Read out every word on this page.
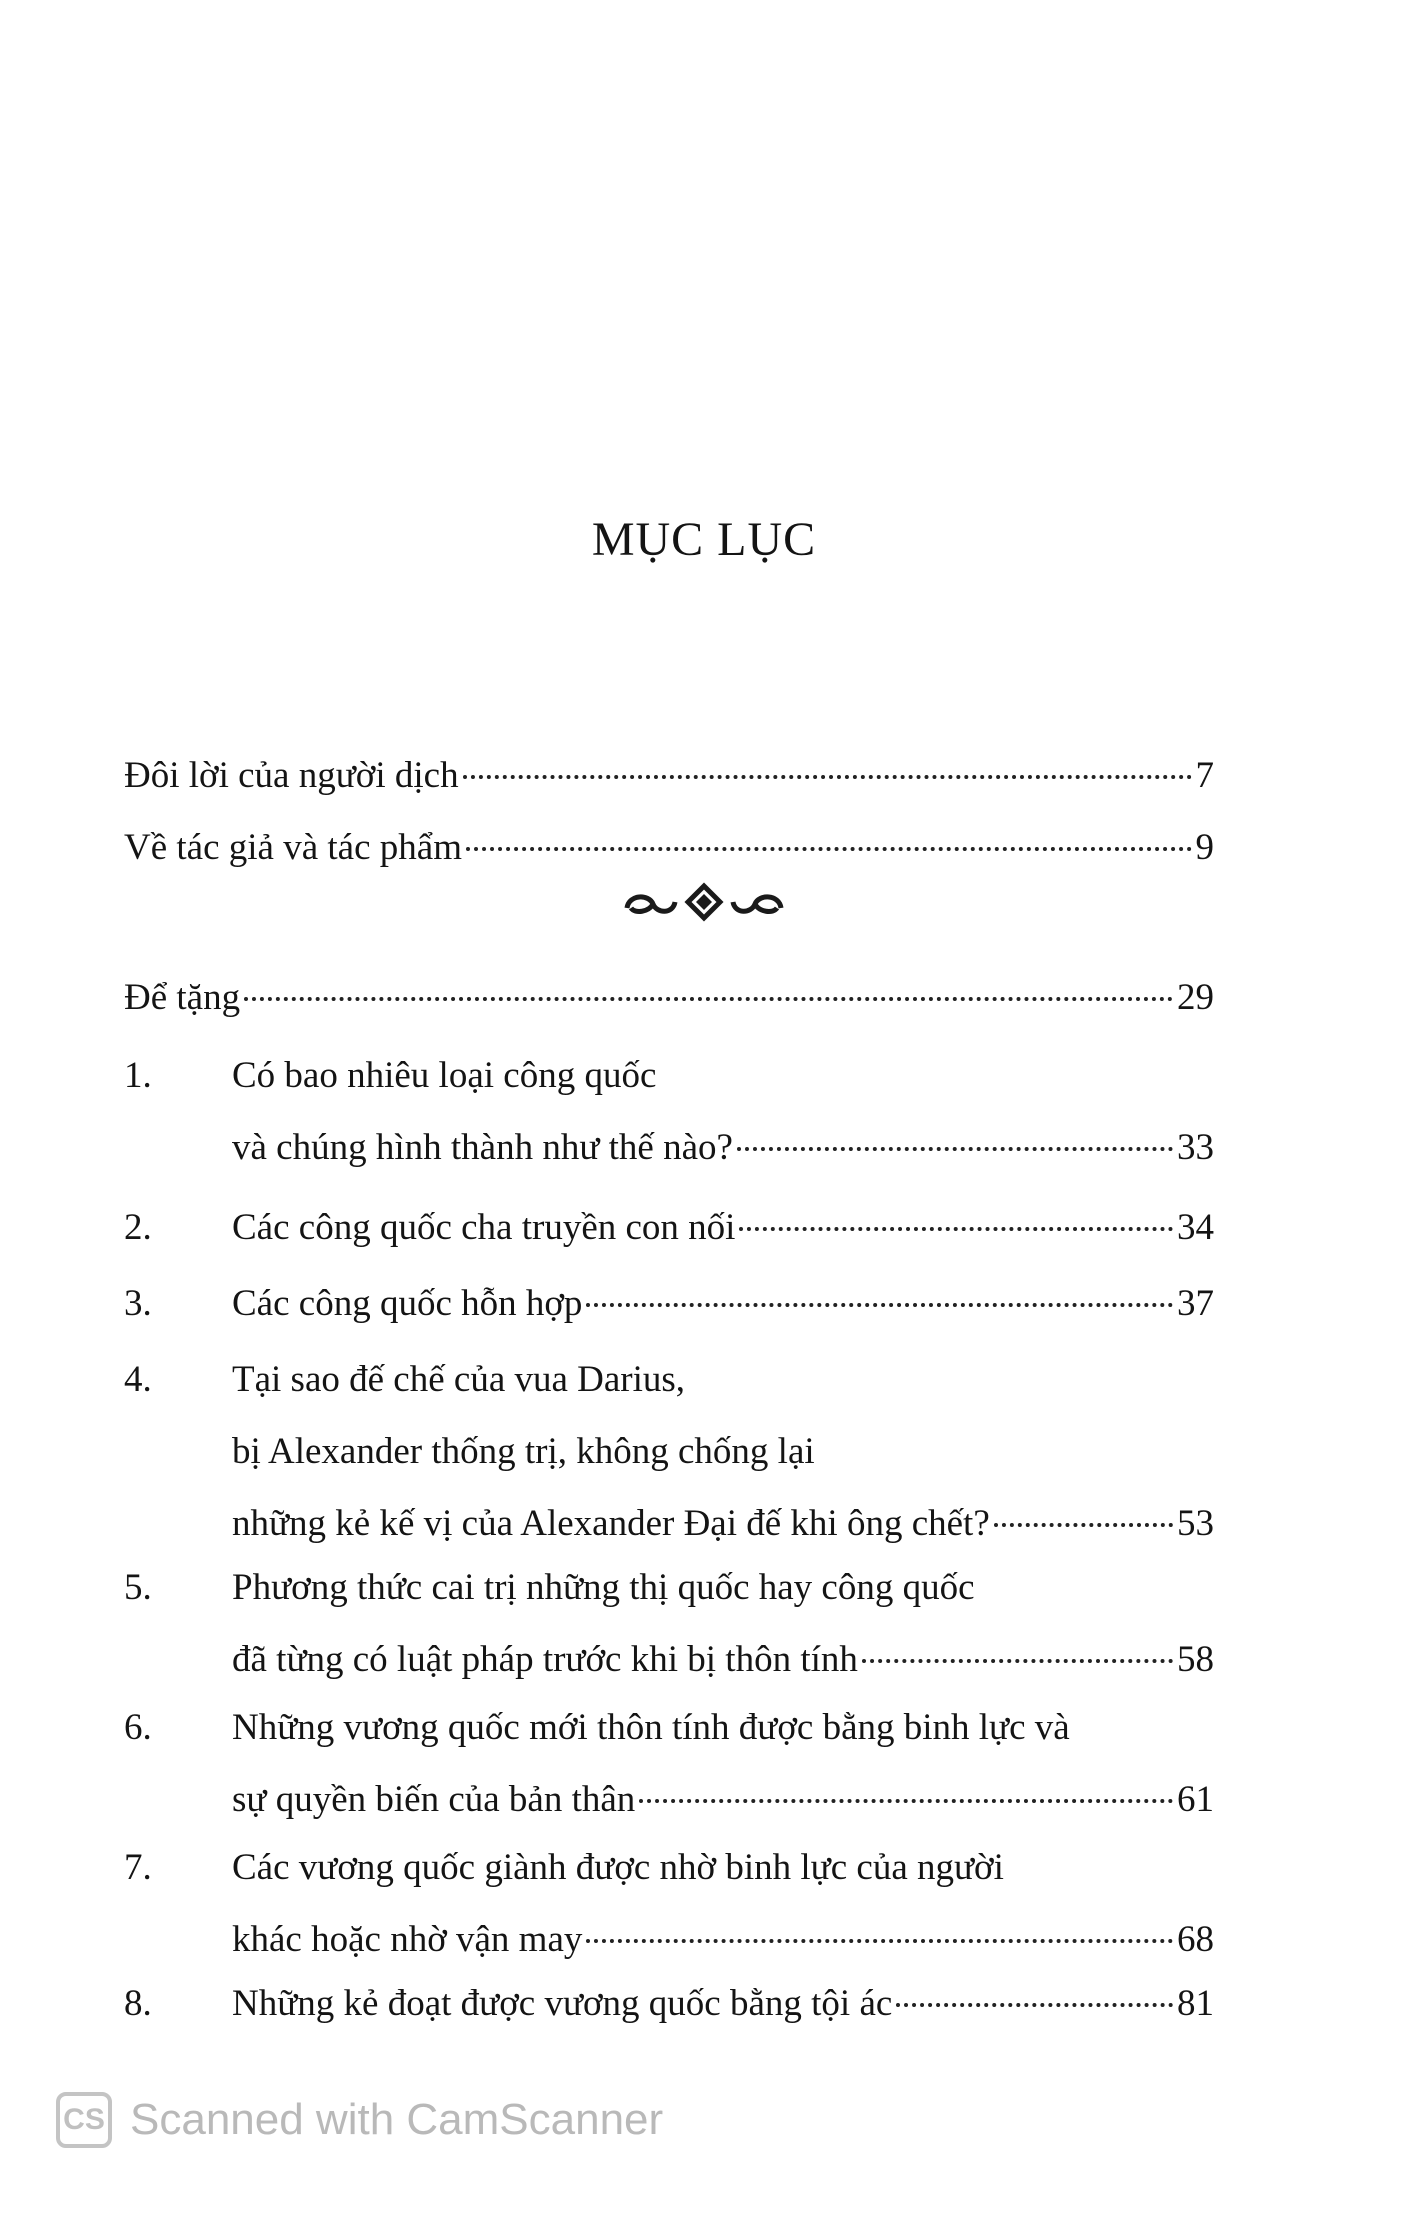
MỤC LỤC
Đôi lời của người dịch	7
Về tác giả và tác phẩm	9
Để tặng	29
1.	Có bao nhiêu loại công quốc
và chúng hình thành như thế nào?	33
2.	Các công quốc cha truyền con nối	34
3.	Các công quốc hỗn hợp	37
4.	Tại sao đế chế của vua Darius,
bị Alexander thống trị, không chống lại
những kẻ kế vị của Alexander Đại đế khi ông chết?	53
5.	Phương thức cai trị những thị quốc hay công quốc
đã từng có luật pháp trước khi bị thôn tính	58
6.	Những vương quốc mới thôn tính được bằng binh lực và
sự quyền biến của bản thân	61
7.	Các vương quốc giành được nhờ binh lực của người
khác hoặc nhờ vận may	68
8.	Những kẻ đoạt được vương quốc bằng tội ác	81
CS Scanned with CamScanner
